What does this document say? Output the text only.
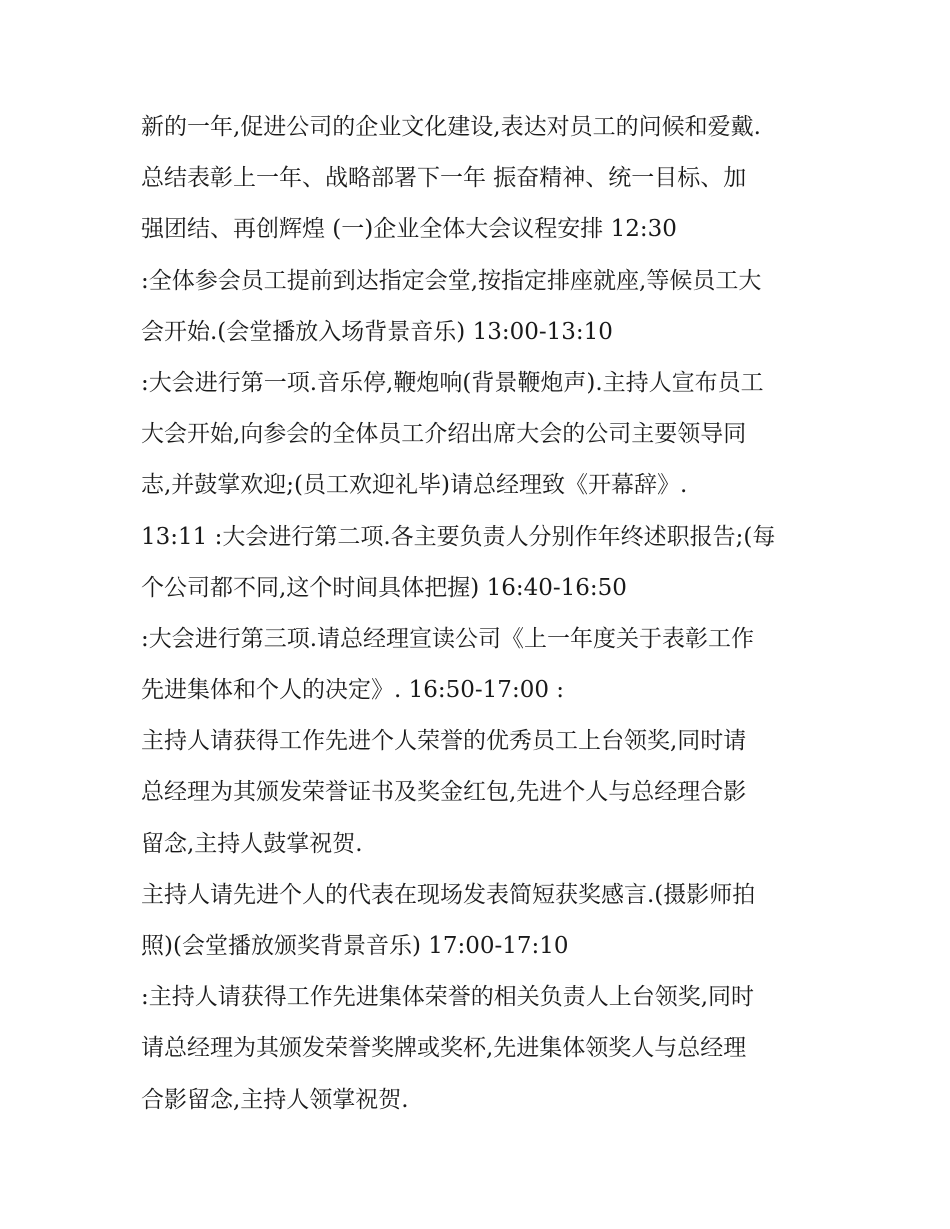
新的一年,促进公司的企业文化建设,表达对员工的问候和爱戴.
总结表彰上一年、战略部署下一年 振奋精神、统一目标、加
强团结、再创辉煌 (一)企业全体大会议程安排 12:30
:全体参会员工提前到达指定会堂,按指定排座就座,等候员工大
会开始.(会堂播放入场背景音乐) 13:00-13:10
:大会进行第一项.音乐停,鞭炮响(背景鞭炮声).主持人宣布员工
大会开始,向参会的全体员工介绍出席大会的公司主要领导同
志,并鼓掌欢迎;(员工欢迎礼毕)请总经理致《开幕辞》.
13:11 :大会进行第二项.各主要负责人分别作年终述职报告;(每
个公司都不同,这个时间具体把握) 16:40-16:50
:大会进行第三项.请总经理宣读公司《上一年度关于表彰工作
先进集体和个人的决定》. 16:50-17:00 :
主持人请获得工作先进个人荣誉的优秀员工上台领奖,同时请
总经理为其颁发荣誉证书及奖金红包,先进个人与总经理合影
留念,主持人鼓掌祝贺.
主持人请先进个人的代表在现场发表简短获奖感言.(摄影师拍
照)(会堂播放颁奖背景音乐) 17:00-17:10
:主持人请获得工作先进集体荣誉的相关负责人上台领奖,同时
请总经理为其颁发荣誉奖牌或奖杯,先进集体领奖人与总经理
合影留念,主持人领掌祝贺.
